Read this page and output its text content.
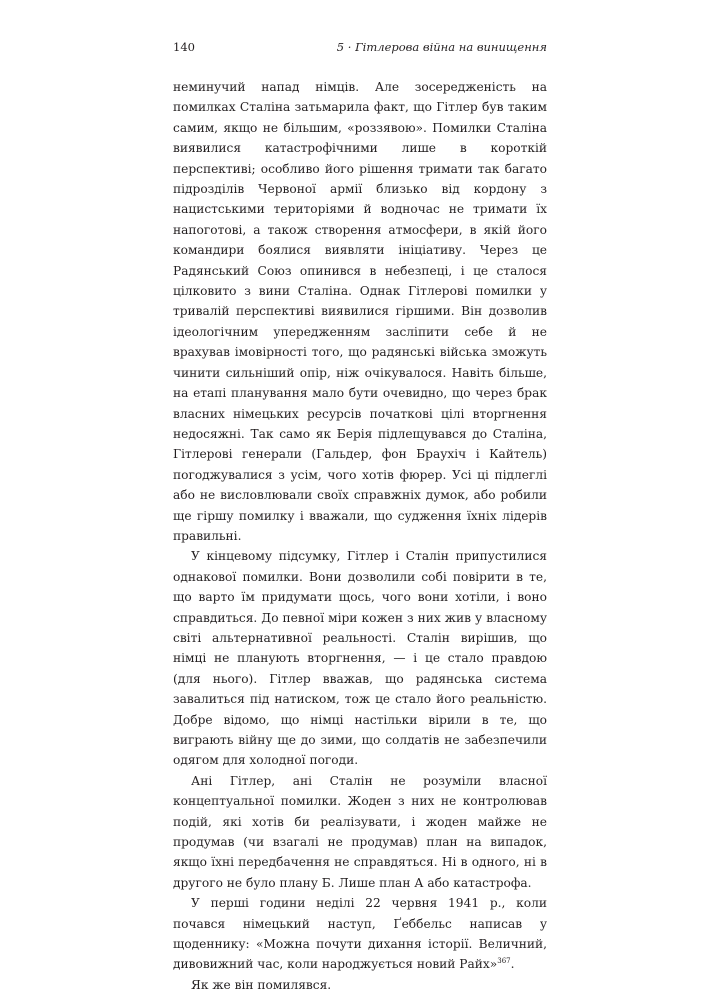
140	5 · Гітлерова війна на винищення

неминучий напад німців. Але зосередженість на помилках Сталіна затьмарила факт, що Гітлер був таким самим, якщо не більшим, «роззявою». Помилки Сталіна виявилися катастрофічними лише в короткій перспективі; особливо його рішення тримати так багато підрозділів Червоної армії близько від кордону з нацистськими територіями й водночас не тримати їх напоготові, а також створення атмосфери, в якій його командири боялися виявляти ініціативу. Через це Радянський Союз опинився в небезпеці, і це сталося цілковито з вини Сталіна. Однак Гітлерові помилки у тривалій перспективі виявилися гіршими. Він дозволив ідеологічним упередженням засліпити себе й не врахував імовірності того, що радянські війська зможуть чинити сильніший опір, ніж очікувалося. Навіть більше, на етапі планування мало бути очевидно, що через брак власних німецьких ресурсів початкові цілі вторгнення недосяжні. Так само як Берія підлещувався до Сталіна, Гітлерові генерали (Гальдер, фон Браухіч і Кайтель) погоджувалися з усім, чого хотів фюрер. Усі ці підлеглі або не висловлювали своїх справжніх думок, або робили ще гіршу помилку і вважали, що судження їхніх лідерів правильні.

У кінцевому підсумку, Гітлер і Сталін припустилися однакової помилки. Вони дозволили собі повірити в те, що варто їм придумати щось, чого вони хотіли, і воно справдиться. До певної міри кожен з них жив у власному світі альтернативної реальності. Сталін вирішив, що німці не планують вторгнення, — і це стало правдою (для нього). Гітлер вважав, що радянська система завалиться під натиском, тож це стало його реальністю. Добре відомо, що німці настільки вірили в те, що виграють війну ще до зими, що солдатів не забезпечили одягом для холодної погоди.

Ані Гітлер, ані Сталін не розуміли власної концептуальної помилки. Жоден з них не контролював подій, які хотів би реалізувати, і жоден майже не продумав (чи взагалі не продумав) план на випадок, якщо їхні передбачення не справдяться. Ні в одного, ні в другого не було плану Б. Лише план А або катастрофа.

У перші години неділі 22 червня 1941 р., коли почався німецький наступ, Ґеббельс написав у щоденнику: «Можна почути дихання історії. Величний, дивовижний час, коли народжується новий Райх»$^{367}$.

Як же він помилявся.
